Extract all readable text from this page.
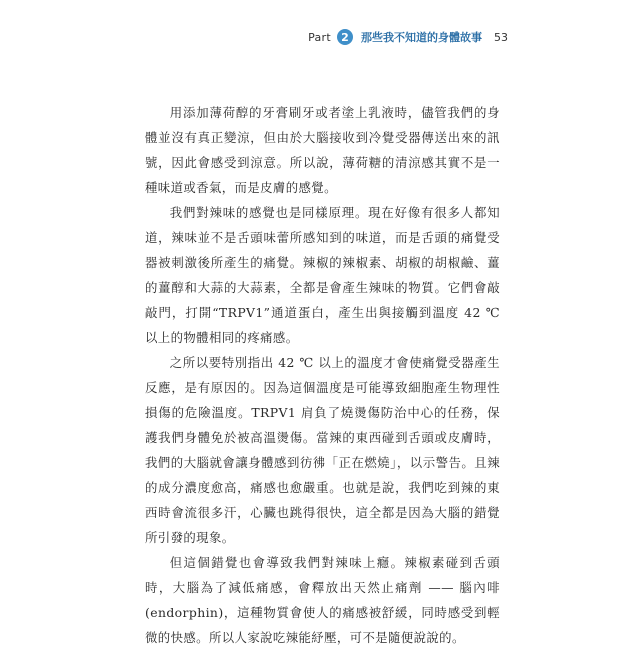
Part 2	那些我不知道的身體故事 53

用添加薄荷醇的牙膏刷牙或者塗上乳液時，儘管我們的身體並沒有真正變涼，但由於大腦接收到冷覺受器傳送出來的訊號，因此會感受到涼意。所以說，薄荷糖的清涼感其實不是一種味道或香氣，而是皮膚的感覺。

我們對辣味的感覺也是同樣原理。現在好像有很多人都知道，辣味並不是舌頭味蕾所感知到的味道，而是舌頭的痛覺受器被刺激後所產生的痛覺。辣椒的辣椒素、胡椒的胡椒鹼、薑的薑醇和大蒜的大蒜素，全都是會產生辣味的物質。它們會敲敲門，打開“TRPV1”通道蛋白，產生出與接觸到溫度 42 ℃ 以上的物體相同的疼痛感。

之所以要特別指出 42 ℃ 以上的溫度才會使痛覺受器產生反應，是有原因的。因為這個溫度是可能導致細胞產生物理性損傷的危險溫度。TRPV1 肩負了燒燙傷防治中心的任務，保護我們身體免於被高溫燙傷。當辣的東西碰到舌頭或皮膚時，我們的大腦就會讓身體感到彷彿「正在燃燒」，以示警告。且辣的成分濃度愈高，痛感也愈嚴重。也就是說，我們吃到辣的東西時會流很多汗，心臟也跳得很快，這全都是因為大腦的錯覺所引發的現象。

但這個錯覺也會導致我們對辣味上癮。辣椒素碰到舌頭時，大腦為了減低痛感，會釋放出天然止痛劑 —— 腦內啡(endorphin)，這種物質會使人的痛感被舒緩，同時感受到輕微的快感。所以人家說吃辣能紓壓，可不是隨便說說的。
